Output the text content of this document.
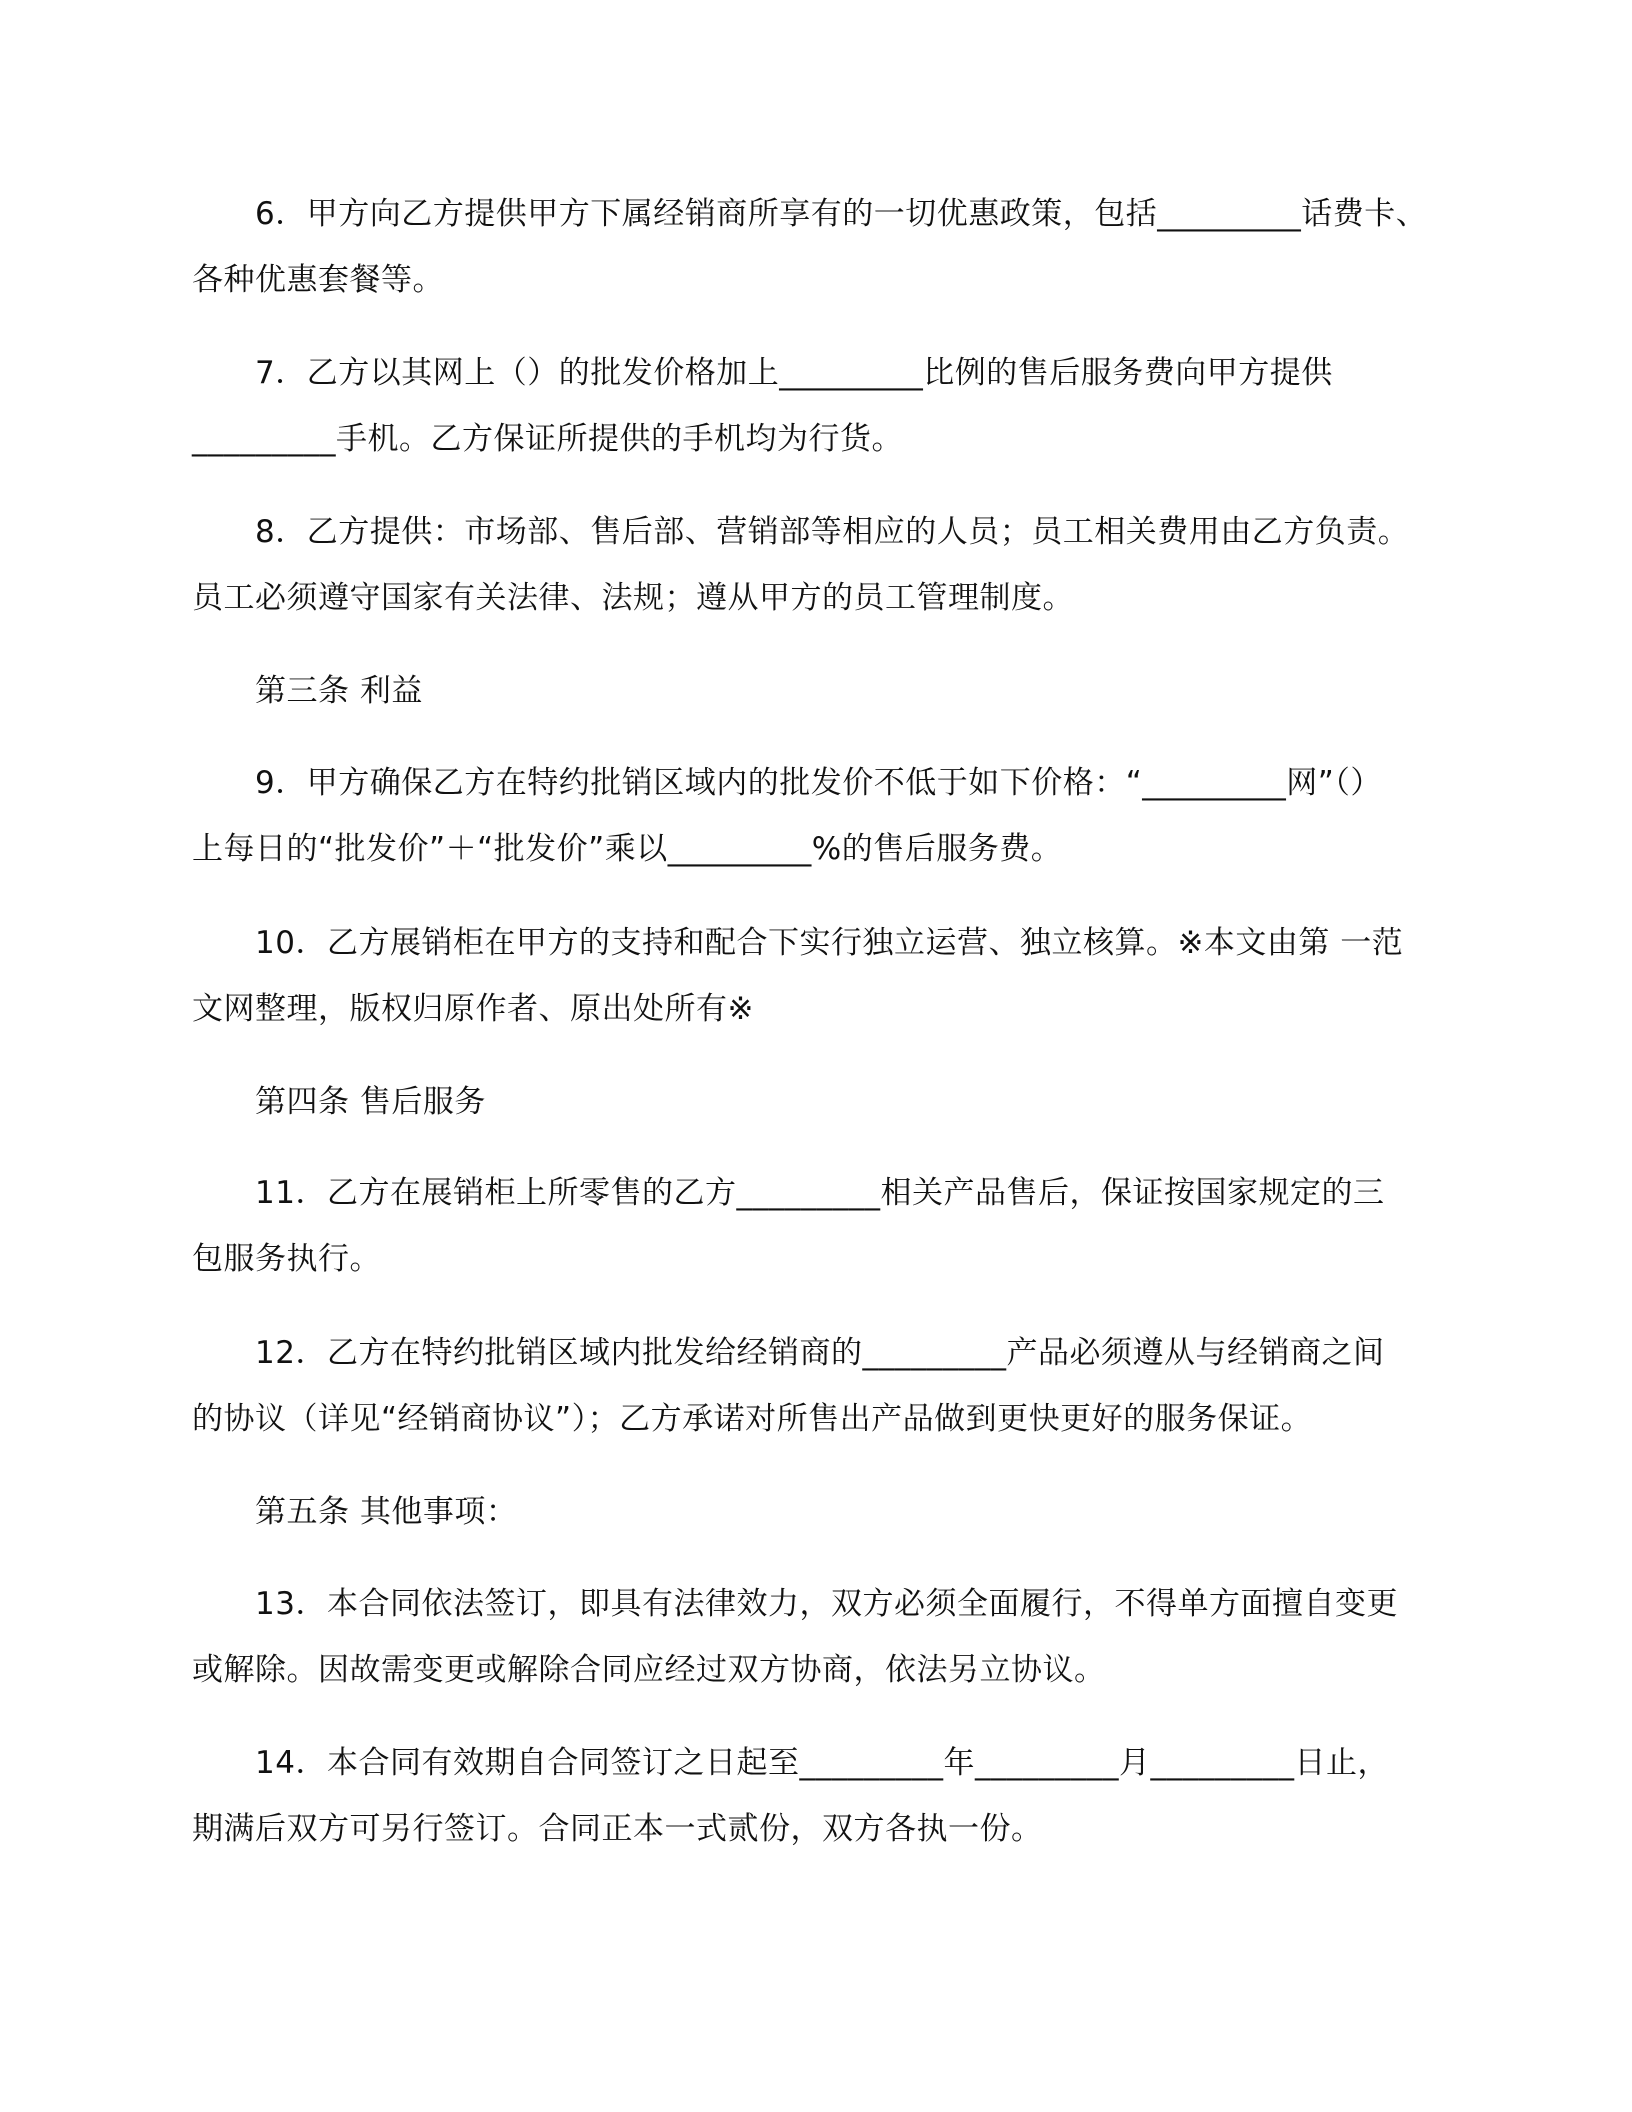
6．甲方向乙方提供甲方下属经销商所享有的一切优惠政策，包括_________话费卡、
各种优惠套餐等。
7．乙方以其网上（）的批发价格加上_________比例的售后服务费向甲方提供
_________手机。乙方保证所提供的手机均为行货。
8．乙方提供：市场部、售后部、营销部等相应的人员；员工相关费用由乙方负责。
员工必须遵守国家有关法律、法规；遵从甲方的员工管理制度。
第三条 利益
9．甲方确保乙方在特约批销区域内的批发价不低于如下价格：“_________网”（）
上每日的“批发价”＋“批发价”乘以_________%的售后服务费。
10．乙方展销柜在甲方的支持和配合下实行独立运营、独立核算。※本文由第 一范
文网整理，版权归原作者、原出处所有※
第四条 售后服务
11．乙方在展销柜上所零售的乙方_________相关产品售后，保证按国家规定的三
包服务执行。
12．乙方在特约批销区域内批发给经销商的_________产品必须遵从与经销商之间
的协议（详见“经销商协议”）；乙方承诺对所售出产品做到更快更好的服务保证。
第五条 其他事项：
13．本合同依法签订，即具有法律效力，双方必须全面履行，不得单方面擅自变更
或解除。因故需变更或解除合同应经过双方协商，依法另立协议。
14．本合同有效期自合同签订之日起至_________年_________月_________日止，
期满后双方可另行签订。合同正本一式贰份，双方各执一份。
